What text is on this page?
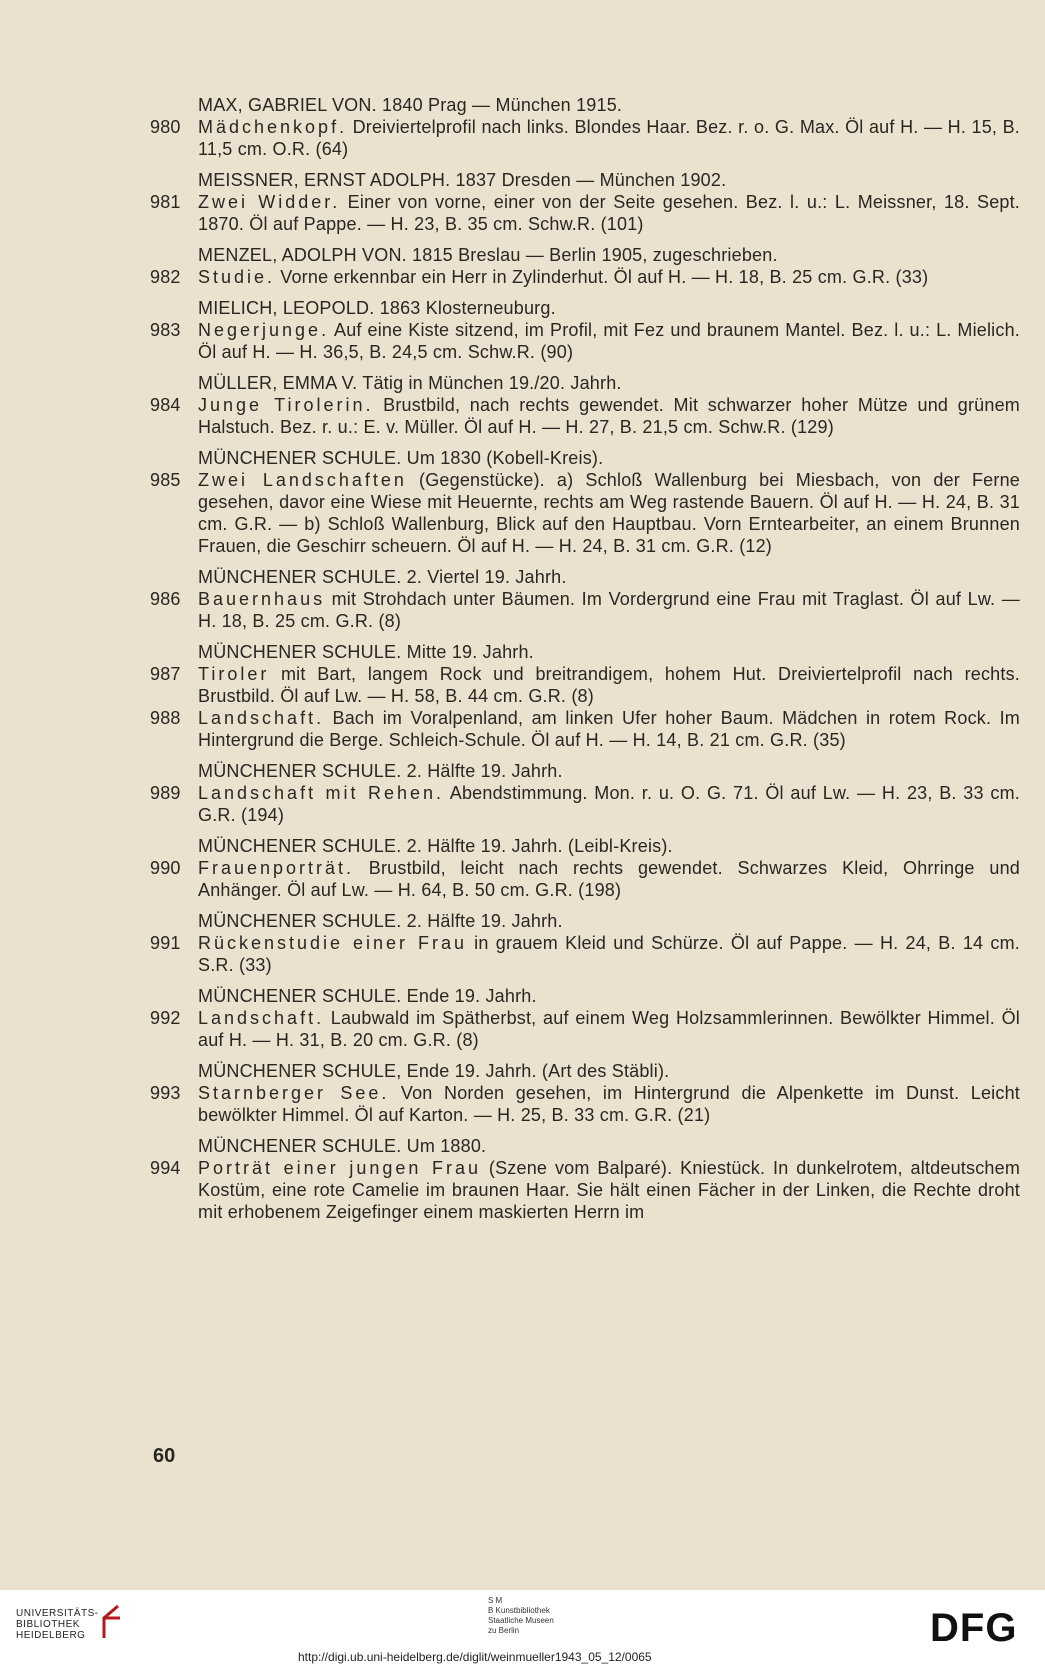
MAX, GABRIEL VON. 1840 Prag — München 1915.
980 Mädchenkopf. Dreiviertelprofil nach links. Blondes Haar. Bez. r. o. G. Max. Öl auf H. — H. 15, B. 11,5 cm. O.R. (64)
MEISSNER, ERNST ADOLPH. 1837 Dresden — München 1902.
981 Zwei Widder. Einer von vorne, einer von der Seite gesehen. Bez. l. u.: L. Meissner, 18. Sept. 1870. Öl auf Pappe. — H. 23, B. 35 cm. Schw.R. (101)
MENZEL, ADOLPH VON. 1815 Breslau — Berlin 1905, zugeschrieben.
982 Studie. Vorne erkennbar ein Herr in Zylinderhut. Öl auf H. — H. 18, B. 25 cm. G.R. (33)
MIELICH, LEOPOLD. 1863 Klosterneuburg.
983 Negerjunge. Auf eine Kiste sitzend, im Profil, mit Fez und braunem Mantel. Bez. l. u.: L. Mielich. Öl auf H. — H. 36,5, B. 24,5 cm. Schw.R. (90)
MÜLLER, EMMA V. Tätig in München 19./20. Jahrh.
984 Junge Tirolerin. Brustbild, nach rechts gewendet. Mit schwarzer hoher Mütze und grünem Halstuch. Bez. r. u.: E. v. Müller. Öl auf H. — H. 27, B. 21,5 cm. Schw.R. (129)
MÜNCHENER SCHULE. Um 1830 (Kobell-Kreis).
985 Zwei Landschaften (Gegenstücke). a) Schloß Wallenburg bei Miesbach, von der Ferne gesehen, davor eine Wiese mit Heuernte, rechts am Weg rastende Bauern. Öl auf H. — H. 24, B. 31 cm. G.R. — b) Schloß Wallenburg, Blick auf den Hauptbau. Vorn Erntearbeiter, an einem Brunnen Frauen, die Geschirr scheuern. Öl auf H. — H. 24, B. 31 cm. G.R. (12)
MÜNCHENER SCHULE. 2. Viertel 19. Jahrh.
986 Bauernhaus mit Strohdach unter Bäumen. Im Vordergrund eine Frau mit Traglast. Öl auf Lw. — H. 18, B. 25 cm. G.R. (8)
MÜNCHENER SCHULE. Mitte 19. Jahrh.
987 Tiroler mit Bart, langem Rock und breitrandigem, hohem Hut. Dreiviertelprofil nach rechts. Brustbild. Öl auf Lw. — H. 58, B. 44 cm. G.R. (8)
988 Landschaft. Bach im Voralpenland, am linken Ufer hoher Baum. Mädchen in rotem Rock. Im Hintergrund die Berge. Schleich-Schule. Öl auf H. — H. 14, B. 21 cm. G.R. (35)
MÜNCHENER SCHULE. 2. Hälfte 19. Jahrh.
989 Landschaft mit Rehen. Abendstimmung. Mon. r. u. O. G. 71. Öl auf Lw. — H. 23, B. 33 cm. G.R. (194)
MÜNCHENER SCHULE. 2. Hälfte 19. Jahrh. (Leibl-Kreis).
990 Frauenporträt. Brustbild, leicht nach rechts gewendet. Schwarzes Kleid, Ohrringe und Anhänger. Öl auf Lw. — H. 64, B. 50 cm. G.R. (198)
MÜNCHENER SCHULE. 2. Hälfte 19. Jahrh.
991 Rückenstudie einer Frau in grauem Kleid und Schürze. Öl auf Pappe. — H. 24, B. 14 cm. S.R. (33)
MÜNCHENER SCHULE. Ende 19. Jahrh.
992 Landschaft. Laubwald im Spätherbst, auf einem Weg Holzsammlerinnen. Bewölkter Himmel. Öl auf H. — H. 31, B. 20 cm. G.R. (8)
MÜNCHENER SCHULE, Ende 19. Jahrh. (Art des Stäbli).
993 Starnberger See. Von Norden gesehen, im Hintergrund die Alpenkette im Dunst. Leicht bewölkter Himmel. Öl auf Karton. — H. 25, B. 33 cm. G.R. (21)
MÜNCHENER SCHULE. Um 1880.
994 Porträt einer jungen Frau (Szene vom Balparé). Kniestück. In dunkelrotem, altdeutschem Kostüm, eine rote Camelie im braunen Haar. Sie hält einen Fächer in der Linken, die Rechte droht mit erhobenem Zeigefinger einem maskierten Herrn im
60
UNIVERSITÄTS-
BIBLIOTHEK
HEIDELBERG
S M
B Kunstbibliothek
Staatliche Museen
zu Berlin	DFG
http://digi.ub.uni-heidelberg.de/diglit/weinmueller1943_05_12/0065
